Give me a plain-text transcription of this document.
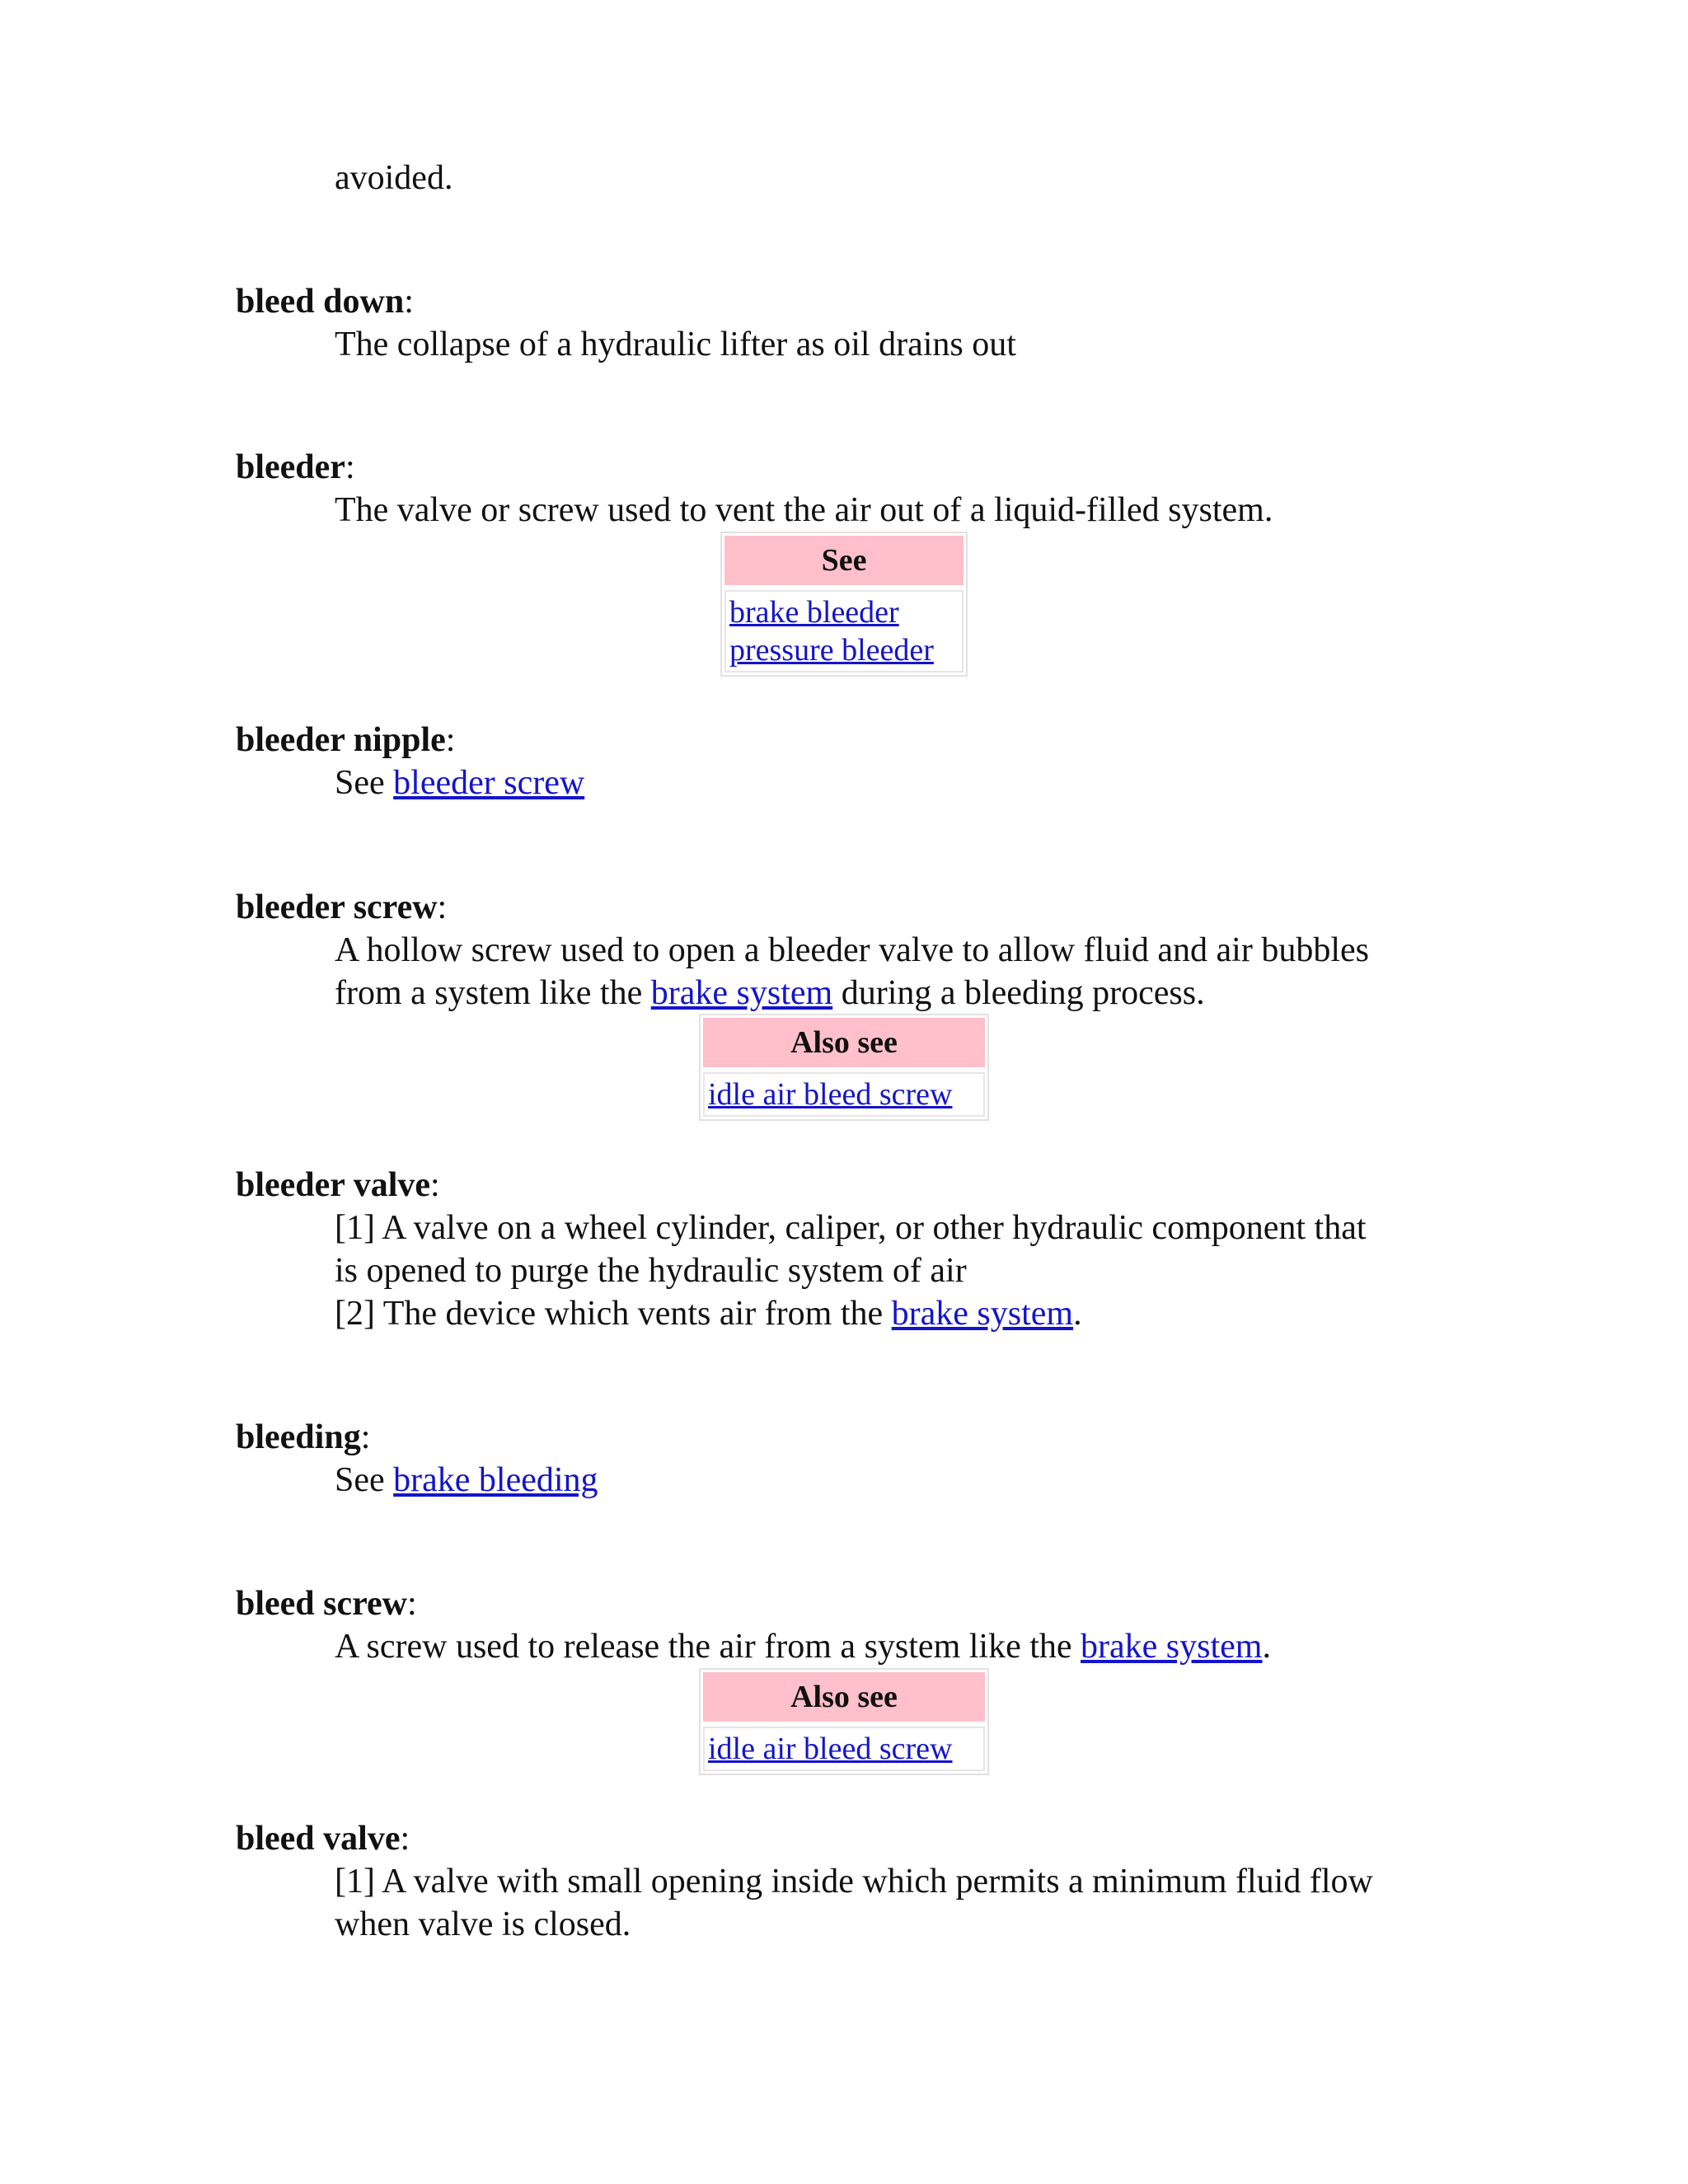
avoided.
bleed down:
The collapse of a hydraulic lifter as oil drains out
bleeder:
The valve or screw used to vent the air out of a liquid-filled system.
See
brake bleeder
pressure bleeder
bleeder nipple:
See bleeder screw
bleeder screw:
A hollow screw used to open a bleeder valve to allow fluid and air bubbles
from a system like the brake system during a bleeding process.
Also see
idle air bleed screw
bleeder valve:
[1] A valve on a wheel cylinder, caliper, or other hydraulic component that
is opened to purge the hydraulic system of air
[2] The device which vents air from the brake system.
bleeding:
See brake bleeding
bleed screw:
A screw used to release the air from a system like the brake system.
Also see
idle air bleed screw
bleed valve:
[1] A valve with small opening inside which permits a minimum fluid flow
when valve is closed.
